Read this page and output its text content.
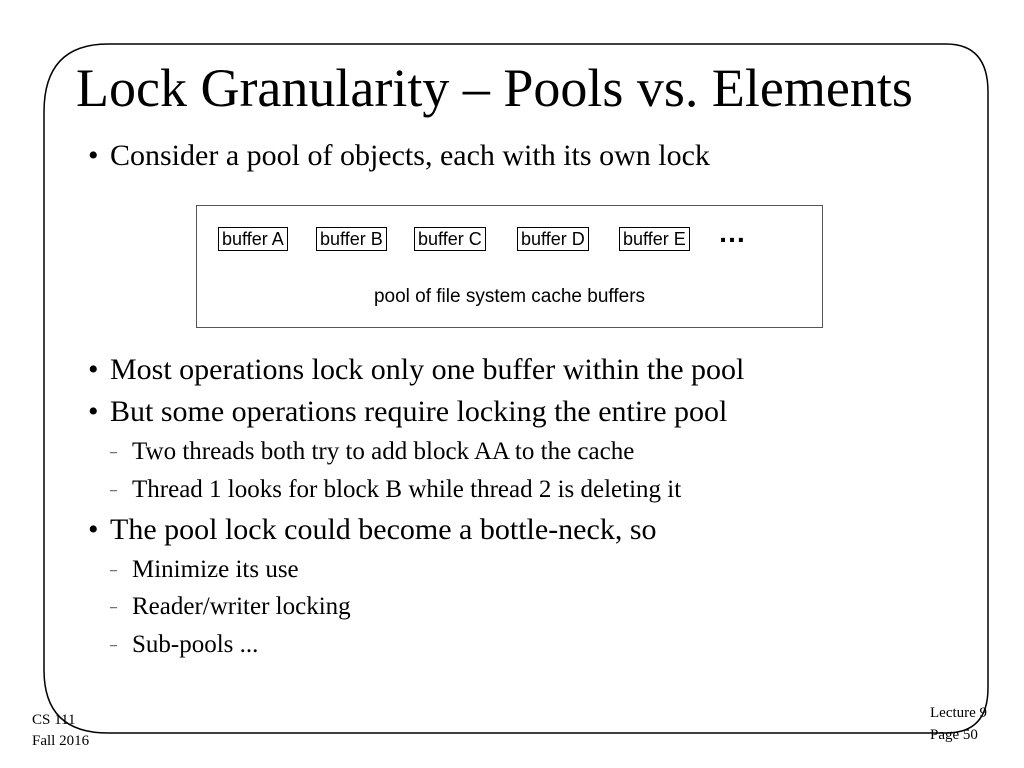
Lock Granularity – Pools vs. Elements
• Consider a pool of objects, each with its own lock
buffer A buffer B buffer C buffer D buffer E …
pool of file system cache buffers
• Most operations lock only one buffer within the pool
• But some operations require locking the entire pool
– Two threads both try to add block AA to the cache
– Thread 1 looks for block B while thread 2 is deleting it
• The pool lock could become a bottle-neck, so
– Minimize its use
– Reader/writer locking
– Sub-pools ...
CS 111
Fall 2016
Lecture 9
Page 50
